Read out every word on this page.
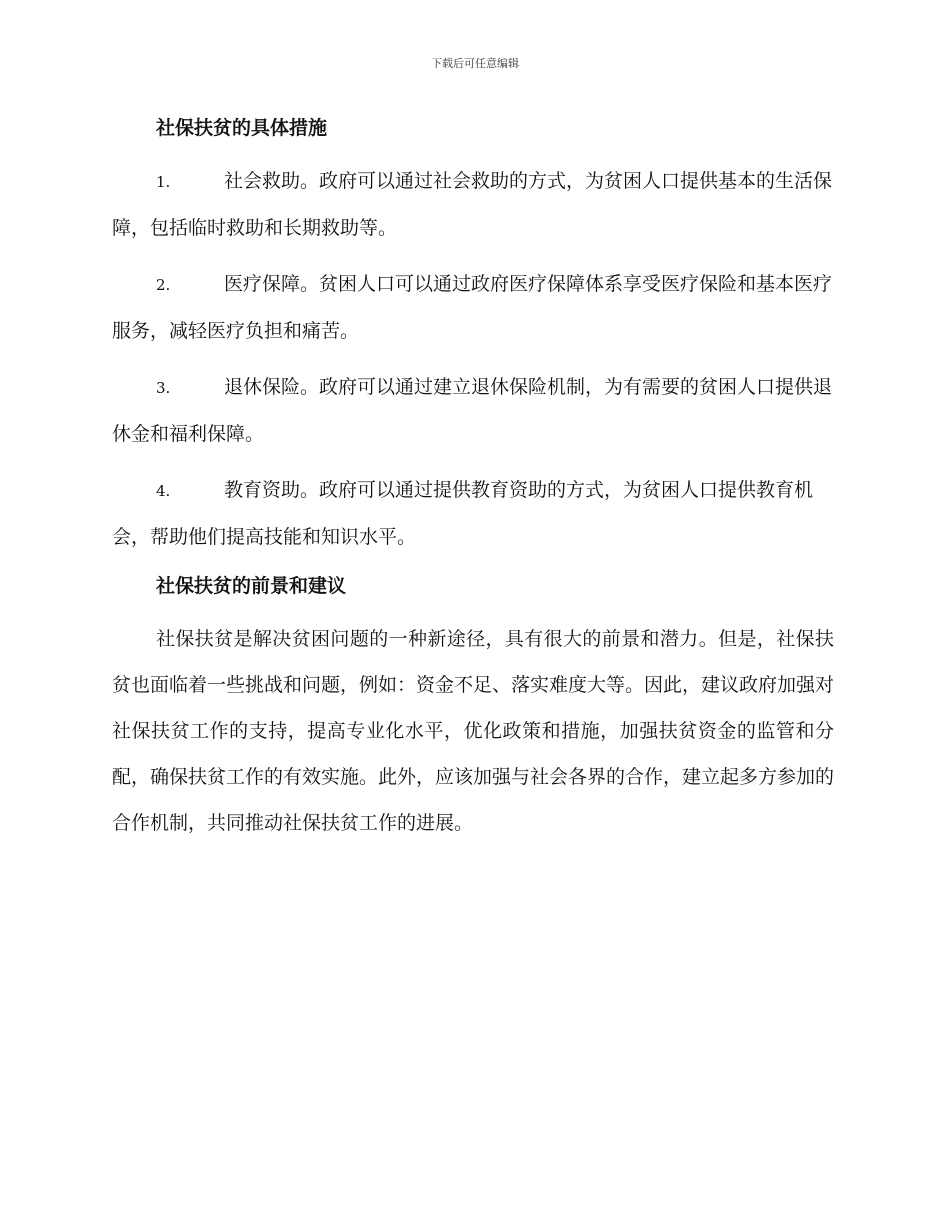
下载后可任意编辑
社保扶贫的具体措施
1.	社会救助。政府可以通过社会救助的方式，为贫困人口提供基本的生活保障，包括临时救助和长期救助等。
2.	医疗保障。贫困人口可以通过政府医疗保障体系享受医疗保险和基本医疗服务，减轻医疗负担和痛苦。
3.	退休保险。政府可以通过建立退休保险机制，为有需要的贫困人口提供退休金和福利保障。
4.	教育资助。政府可以通过提供教育资助的方式，为贫困人口提供教育机会，帮助他们提高技能和知识水平。
社保扶贫的前景和建议

社保扶贫是解决贫困问题的一种新途径，具有很大的前景和潜力。但是，社保扶贫也面临着一些挑战和问题，例如：资金不足、落实难度大等。因此，建议政府加强对社保扶贫工作的支持，提高专业化水平，优化政策和措施，加强扶贫资金的监管和分配，确保扶贫工作的有效实施。此外，应该加强与社会各界的合作，建立起多方参加的合作机制，共同推动社保扶贫工作的进展。
